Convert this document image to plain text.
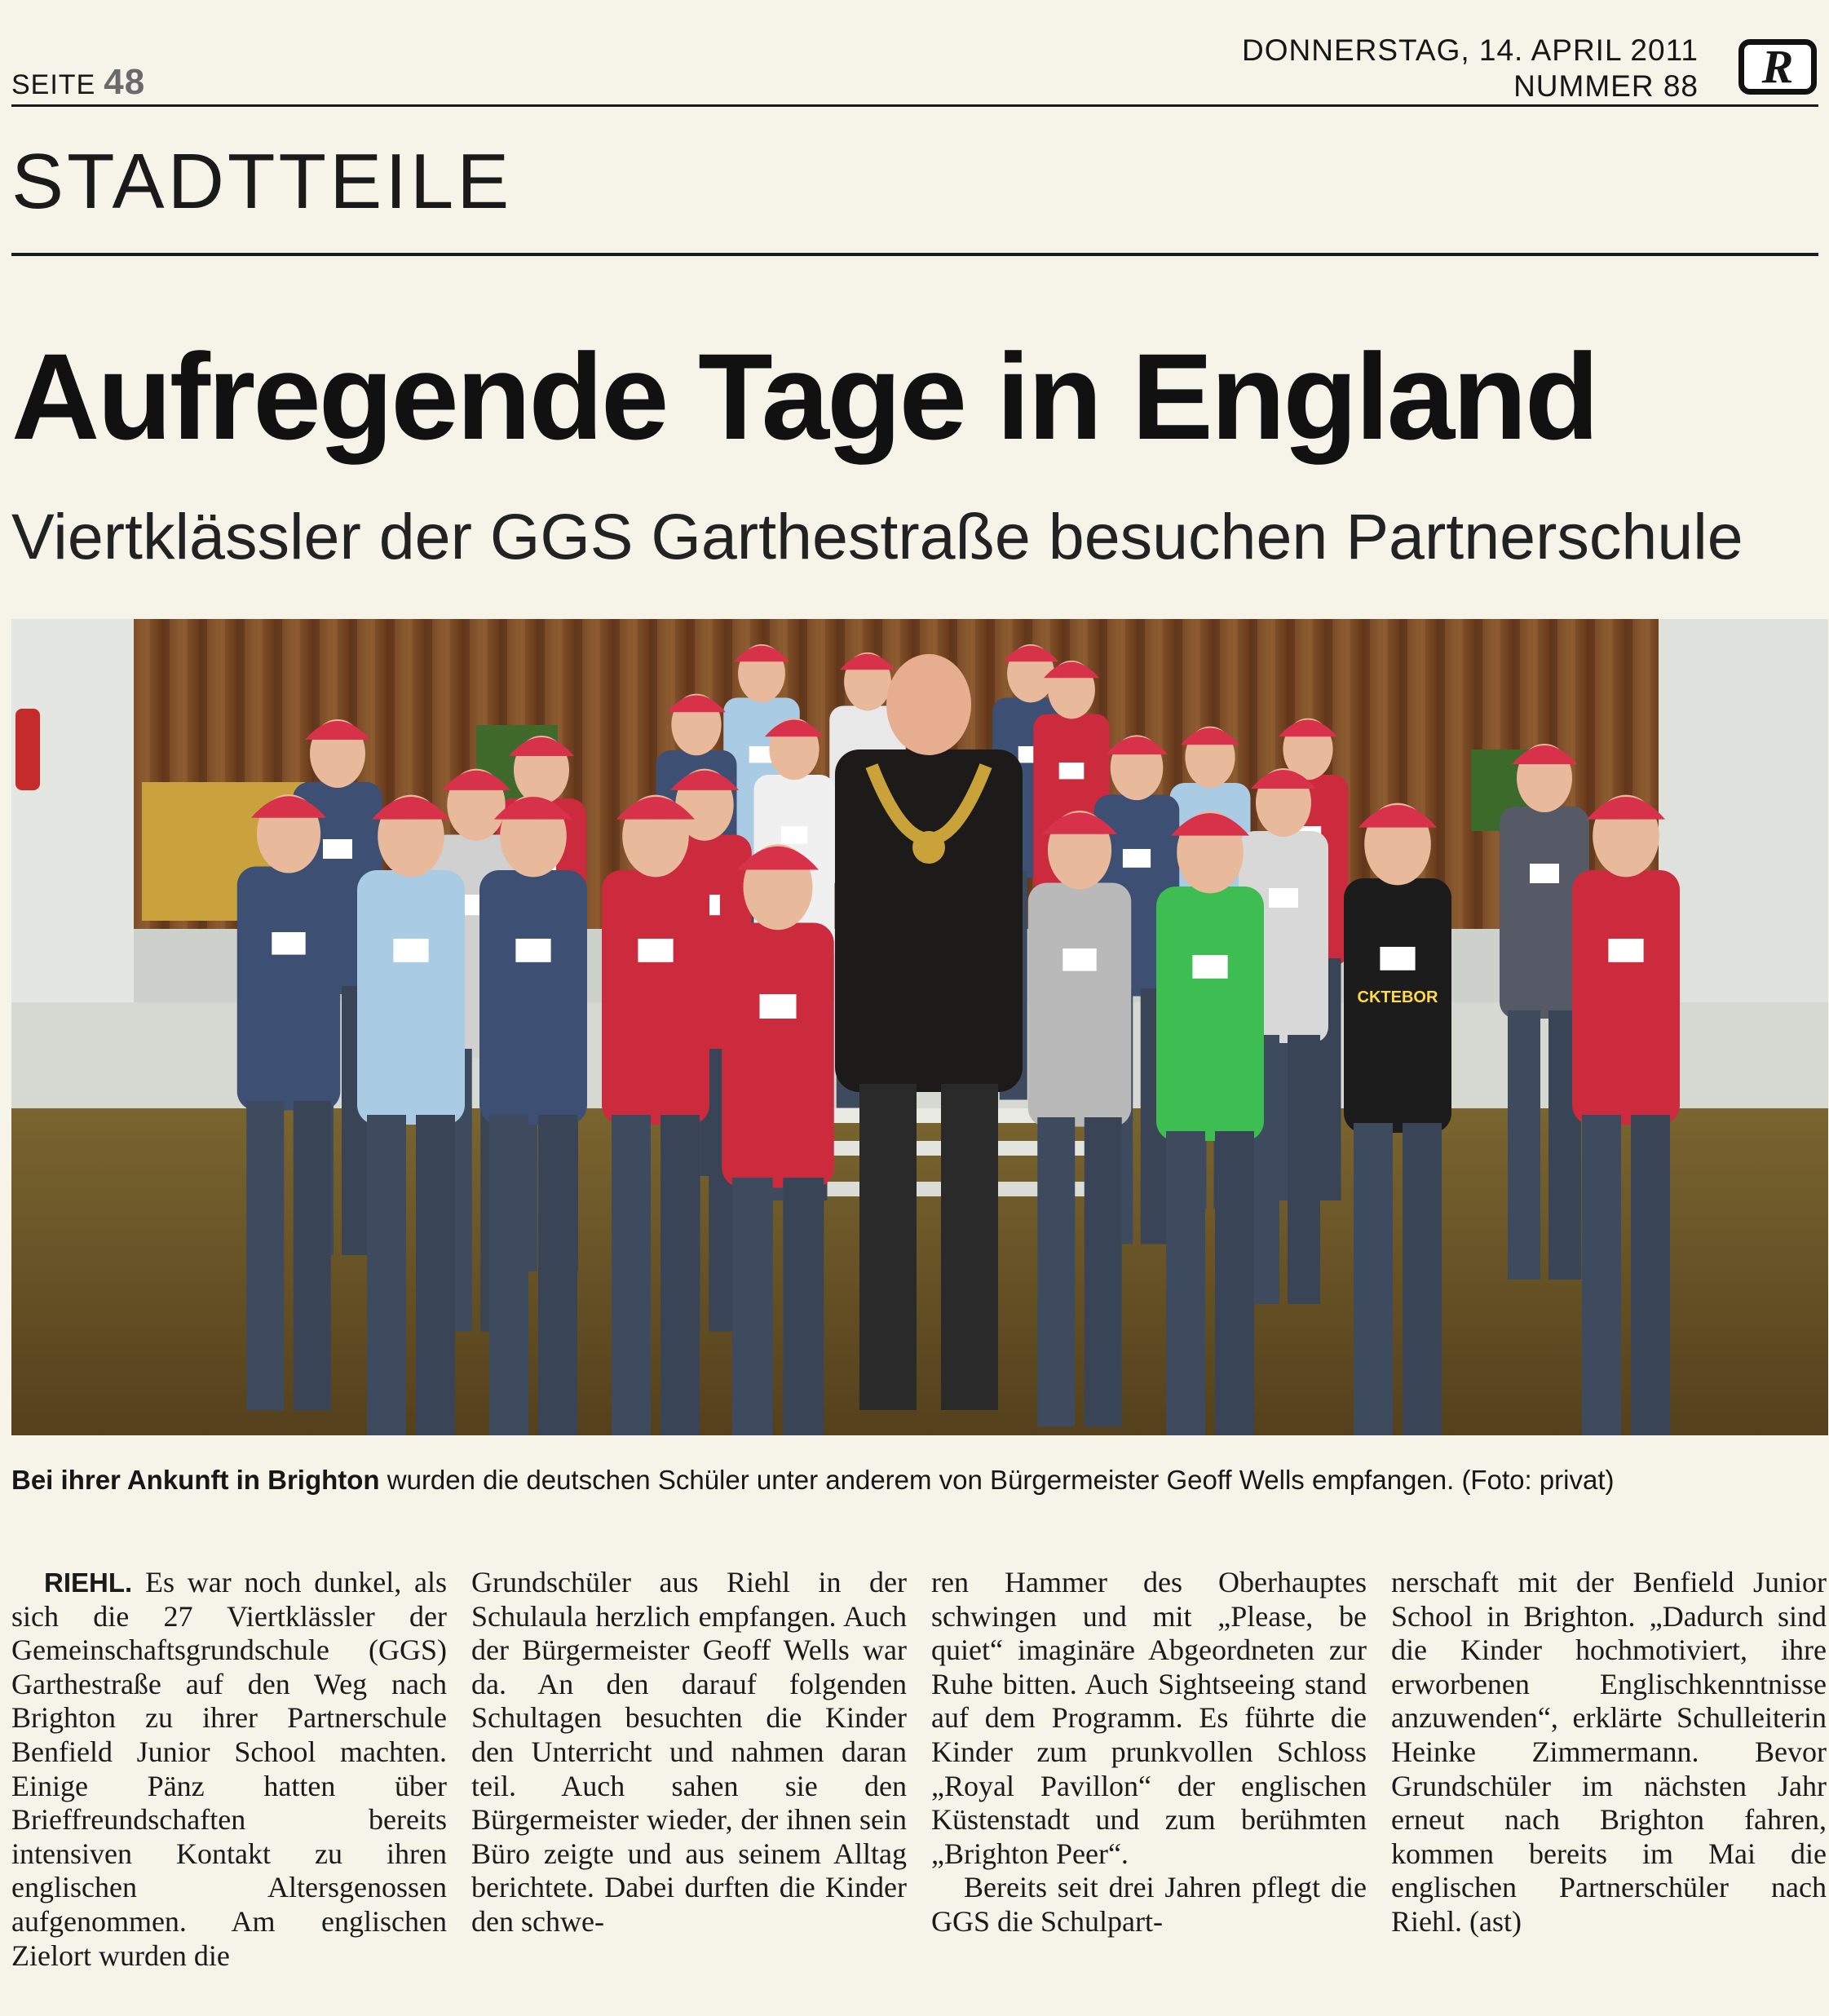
SEITE 48
DONNERSTAG, 14. APRIL 2011
NUMMER 88 R
STADTTEILE
Aufregende Tage in England
Viertklässler der GGS Garthestraße besuchen Partnerschule
CKTEBOR
Bei ihrer Ankunft in Brighton wurden die deutschen Schüler unter anderem von Bürgermeister Geoff Wells empfangen. (Foto: privat)

RIEHL. Es war noch dunkel, als sich die 27 Viertklässler der Gemeinschaftsgrundschule (GGS) Garthestraße auf den Weg nach Brighton zu ihrer Partnerschule Benfield Junior School machten. Einige Pänz hatten über Brieffreundschaften bereits intensiven Kontakt zu ihren englischen Altersgenossen aufgenommen. Am englischen Zielort wurden die

Grundschüler aus Riehl in der Schulaula herzlich empfangen. Auch der Bürgermeister Geoff Wells war da. An den darauf folgenden Schultagen besuchten die Kinder den Unterricht und nahmen daran teil. Auch sahen sie den Bürgermeister wieder, der ihnen sein Büro zeigte und aus seinem Alltag berichtete. Dabei durften die Kinder den schwe-

ren Hammer des Oberhauptes schwingen und mit „Please, be quiet“ imaginäre Abgeordneten zur Ruhe bitten. Auch Sightseeing stand auf dem Programm. Es führte die Kinder zum prunkvollen Schloss „Royal Pavillon“ der englischen Küstenstadt und zum berühmten „Brighton Peer“.

Bereits seit drei Jahren pflegt die GGS die Schulpart-

nerschaft mit der Benfield Junior School in Brighton. „Dadurch sind die Kinder hochmotiviert, ihre erworbenen Englischkenntnisse anzuwenden“, erklärte Schulleiterin Heinke Zimmermann. Bevor Grundschüler im nächsten Jahr erneut nach Brighton fahren, kommen bereits im Mai die englischen Partnerschüler nach Riehl. (ast)
